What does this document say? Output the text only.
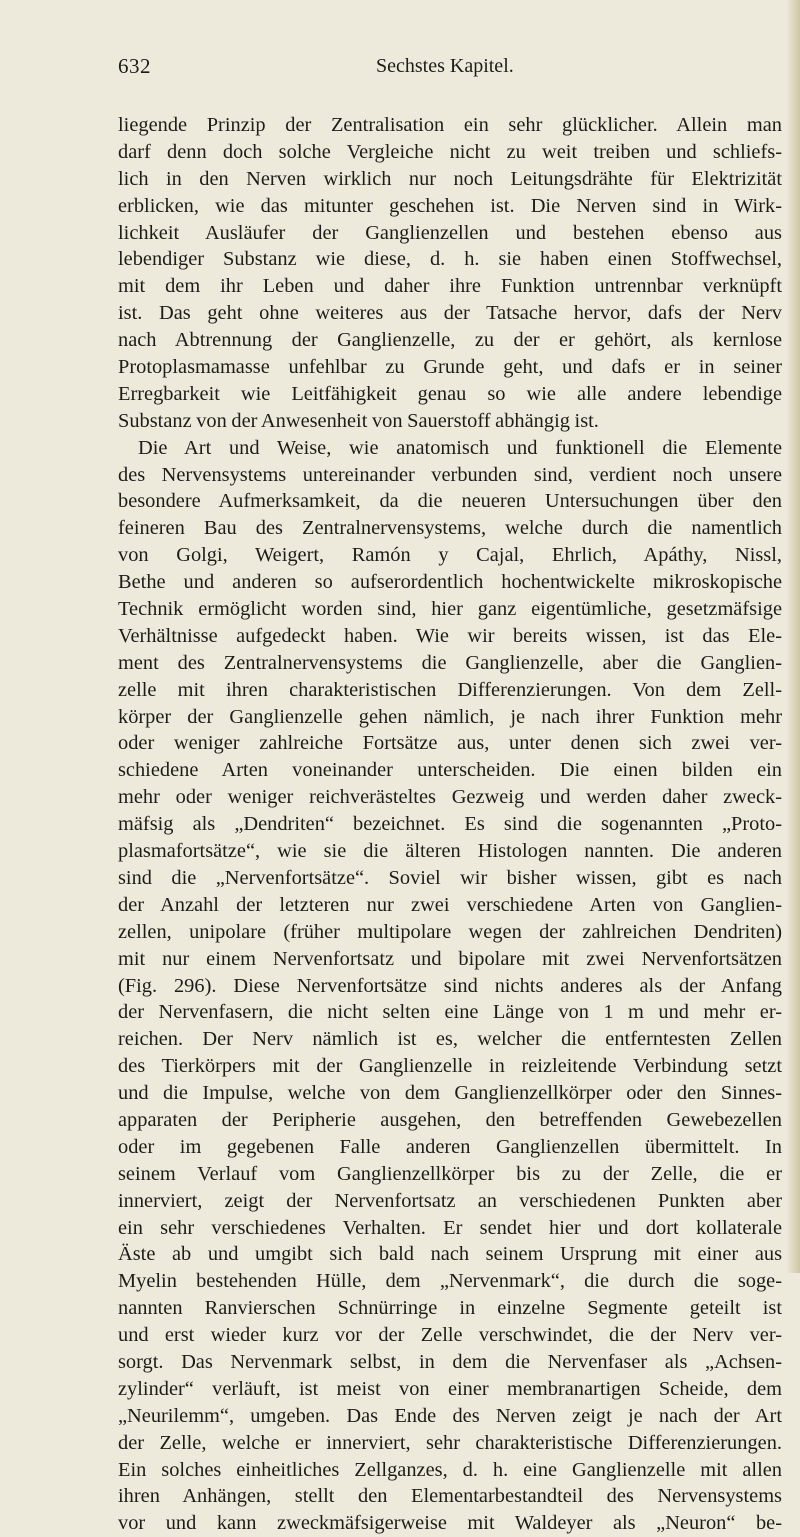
632	Sechstes Kapitel.
liegende Prinzip der Zentralisation ein sehr glücklicher. Allein man
darf denn doch solche Vergleiche nicht zu weit treiben und schliefs-
lich in den Nerven wirklich nur noch Leitungsdrähte für Elektrizität
erblicken, wie das mitunter geschehen ist. Die Nerven sind in Wirk-
lichkeit Ausläufer der Ganglienzellen und bestehen ebenso aus
lebendiger Substanz wie diese, d. h. sie haben einen Stoffwechsel,
mit dem ihr Leben und daher ihre Funktion untrennbar verknüpft
ist. Das geht ohne weiteres aus der Tatsache hervor, dafs der Nerv
nach Abtrennung der Ganglienzelle, zu der er gehört, als kernlose
Protoplasmamasse unfehlbar zu Grunde geht, und dafs er in seiner
Erregbarkeit wie Leitfähigkeit genau so wie alle andere lebendige
Substanz von der Anwesenheit von Sauerstoff abhängig ist.
Die Art und Weise, wie anatomisch und funktionell die Elemente
des Nervensystems untereinander verbunden sind, verdient noch unsere
besondere Aufmerksamkeit, da die neueren Untersuchungen über den
feineren Bau des Zentralnervensystems, welche durch die namentlich
von Golgi, Weigert, Ramón y Cajal, Ehrlich, Apáthy, Nissl,
Bethe und anderen so aufserordentlich hochentwickelte mikroskopische
Technik ermöglicht worden sind, hier ganz eigentümliche, gesetzmäfsige
Verhältnisse aufgedeckt haben. Wie wir bereits wissen, ist das Ele-
ment des Zentralnervensystems die Ganglienzelle, aber die Ganglien-
zelle mit ihren charakteristischen Differenzierungen. Von dem Zell-
körper der Ganglienzelle gehen nämlich, je nach ihrer Funktion mehr
oder weniger zahlreiche Fortsätze aus, unter denen sich zwei ver-
schiedene Arten voneinander unterscheiden. Die einen bilden ein
mehr oder weniger reichverästeltes Gezweig und werden daher zweck-
mäfsig als „Dendriten“ bezeichnet. Es sind die sogenannten „Proto-
plasmafortsätze“, wie sie die älteren Histologen nannten. Die anderen
sind die „Nervenfortsätze“. Soviel wir bisher wissen, gibt es nach
der Anzahl der letzteren nur zwei verschiedene Arten von Ganglien-
zellen, unipolare (früher multipolare wegen der zahlreichen Dendriten)
mit nur einem Nervenfortsatz und bipolare mit zwei Nervenfortsätzen
(Fig. 296). Diese Nervenfortsätze sind nichts anderes als der Anfang
der Nervenfasern, die nicht selten eine Länge von 1 m und mehr er-
reichen. Der Nerv nämlich ist es, welcher die entferntesten Zellen
des Tierkörpers mit der Ganglienzelle in reizleitende Verbindung setzt
und die Impulse, welche von dem Ganglienzellkörper oder den Sinnes-
apparaten der Peripherie ausgehen, den betreffenden Gewebezellen
oder im gegebenen Falle anderen Ganglienzellen übermittelt. In
seinem Verlauf vom Ganglienzellkörper bis zu der Zelle, die er
innerviert, zeigt der Nervenfortsatz an verschiedenen Punkten aber
ein sehr verschiedenes Verhalten. Er sendet hier und dort kollaterale
Äste ab und umgibt sich bald nach seinem Ursprung mit einer aus
Myelin bestehenden Hülle, dem „Nervenmark“, die durch die soge-
nannten Ranvierschen Schnürringe in einzelne Segmente geteilt ist
und erst wieder kurz vor der Zelle verschwindet, die der Nerv ver-
sorgt. Das Nervenmark selbst, in dem die Nervenfaser als „Achsen-
zylinder“ verläuft, ist meist von einer membranartigen Scheide, dem
„Neurilemm“, umgeben. Das Ende des Nerven zeigt je nach der Art
der Zelle, welche er innerviert, sehr charakteristische Differenzierungen.
Ein solches einheitliches Zellganzes, d. h. eine Ganglienzelle mit allen
ihren Anhängen, stellt den Elementarbestandteil des Nervensystems
vor und kann zweckmäfsigerweise mit Waldeyer als „Neuron“ be-
